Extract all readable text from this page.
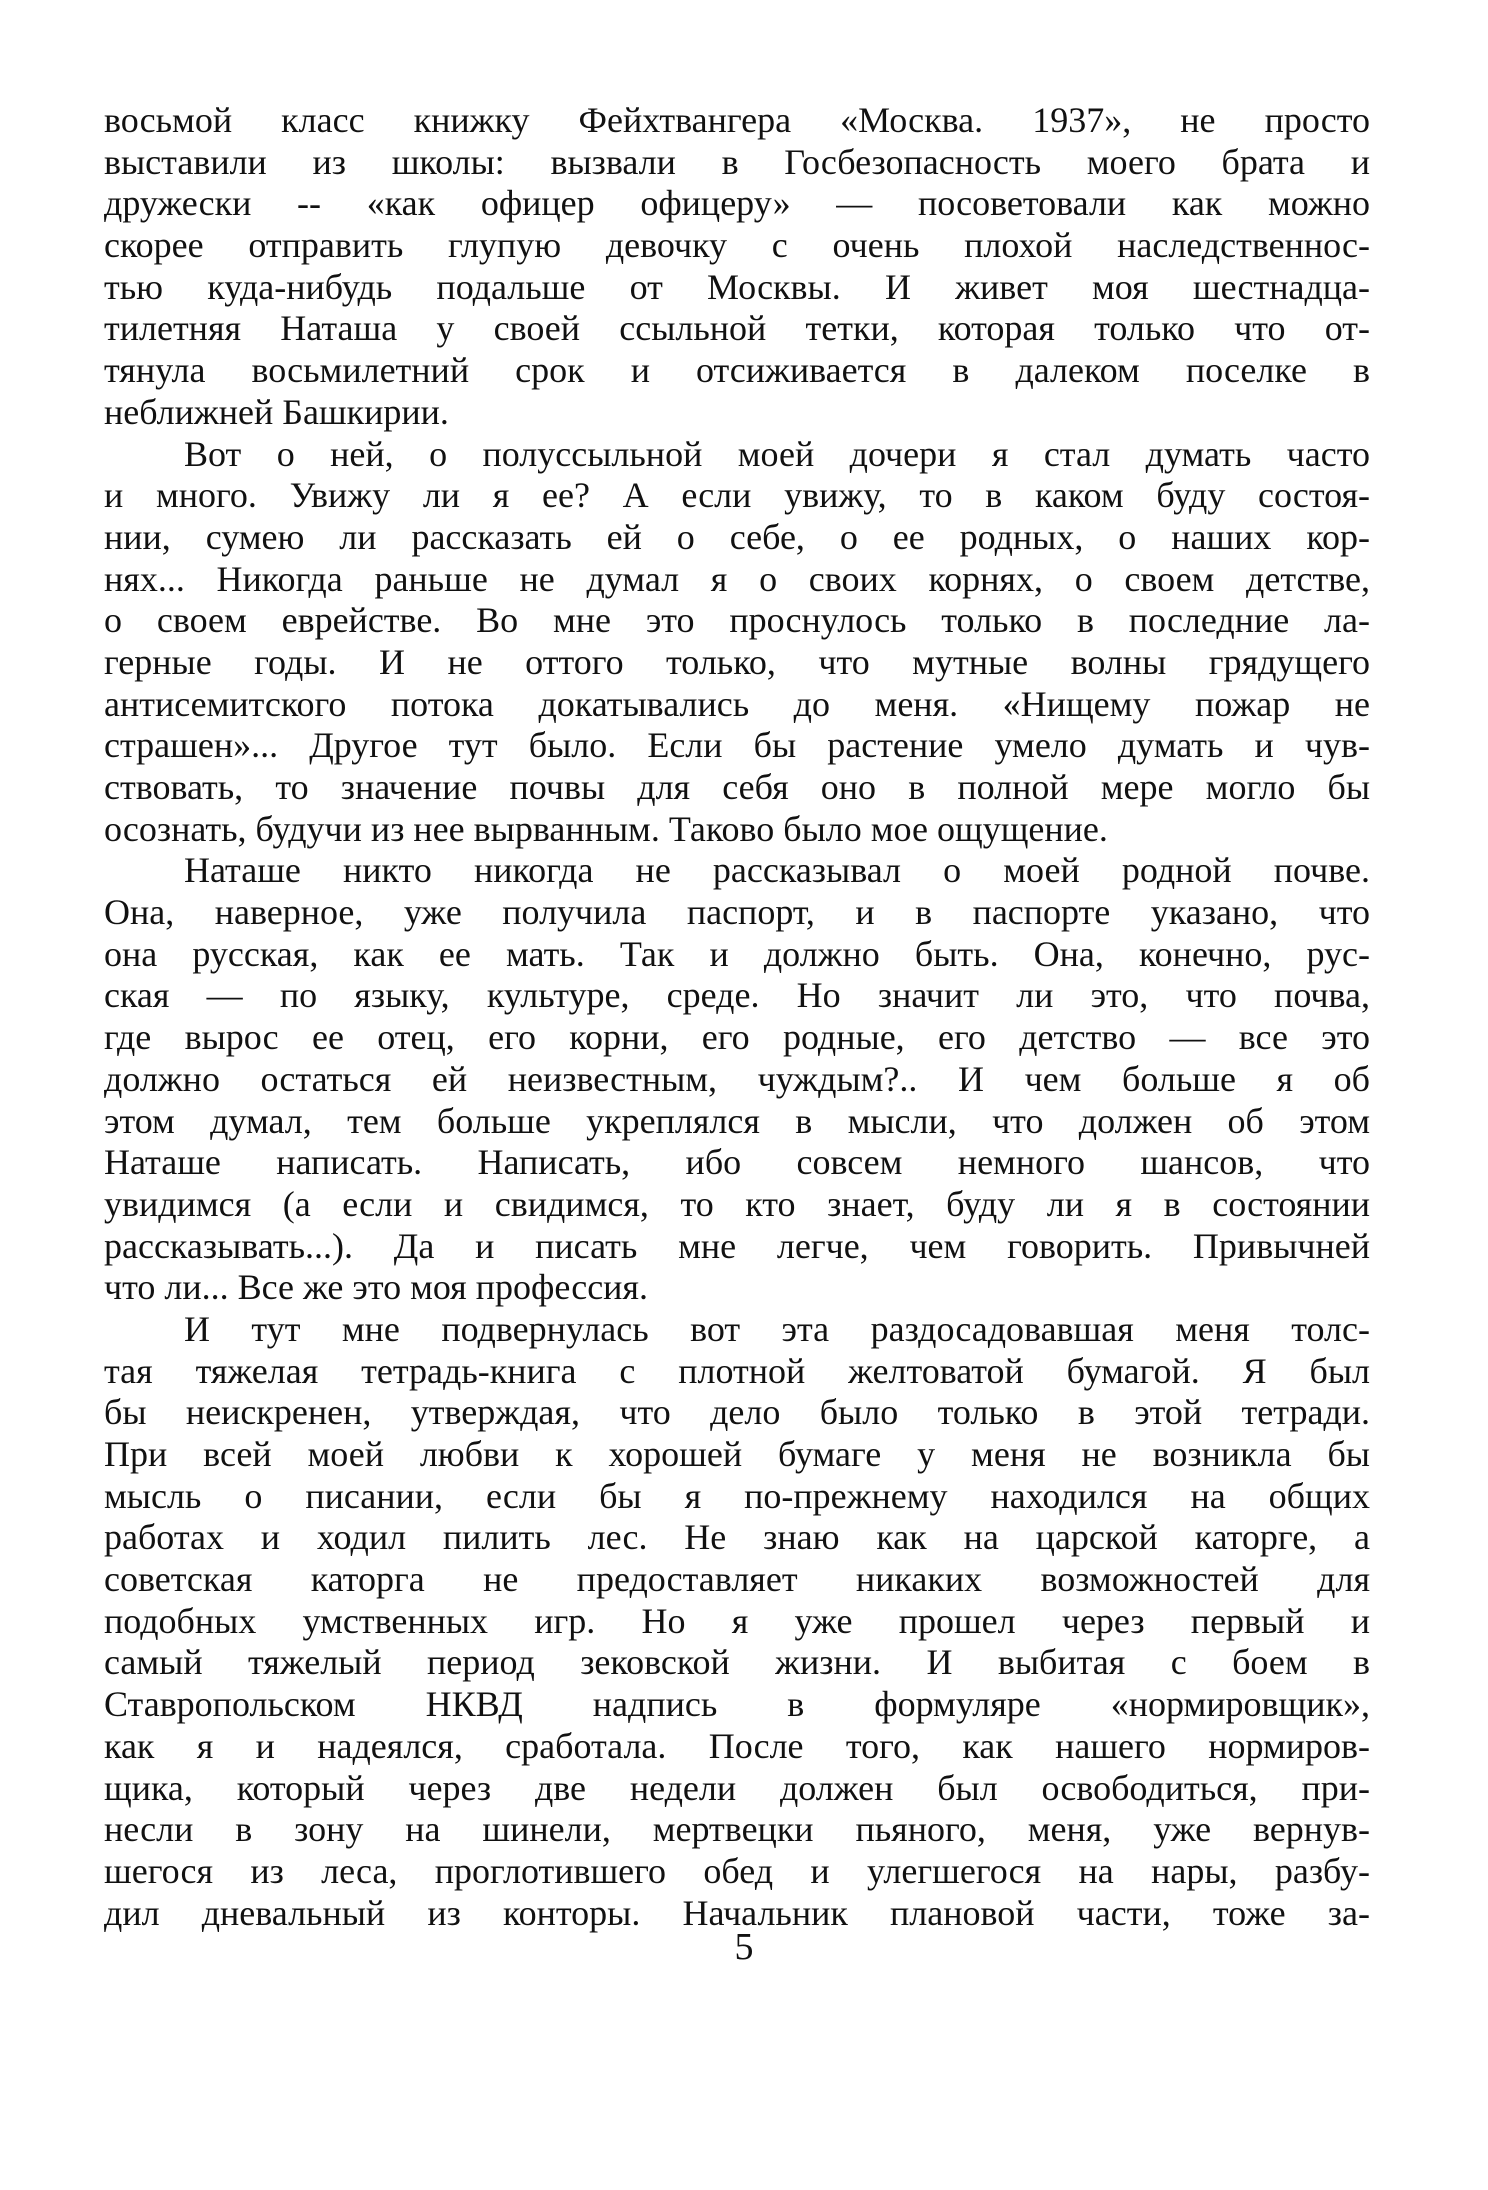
восьмой класс книжку Фейхтвангера «Москва. 1937», не просто
выставили из школы: вызвали в Госбезопасность моего брата и
дружески -- «как офицер офицеру» — посоветовали как можно
скорее отправить глупую девочку с очень плохой наследственнос-
тью куда-нибудь подальше от Москвы. И живет моя шестнадца-
тилетняя Наташа у своей ссыльной тетки, которая только что от-
тянула восьмилетний срок и отсиживается в далеком поселке в
неближней Башкирии.
Вот о ней, о полуссыльной моей дочери я стал думать часто
и много. Увижу ли я ее? А если увижу, то в каком буду состоя-
нии, сумею ли рассказать ей о себе, о ее родных, о наших кор-
нях... Никогда раньше не думал я о своих корнях, о своем детстве,
о своем еврействе. Во мне это проснулось только в последние ла-
герные годы. И не оттого только, что мутные волны грядущего
антисемитского потока докатывались до меня. «Нищему пожар не
страшен»... Другое тут было. Если бы растение умело думать и чув-
ствовать, то значение почвы для себя оно в полной мере могло бы
осознать, будучи из нее вырванным. Таково было мое ощущение.
Наташе никто никогда не рассказывал о моей родной почве.
Она, наверное, уже получила паспорт, и в паспорте указано, что
она русская, как ее мать. Так и должно быть. Она, конечно, рус-
ская — по языку, культуре, среде. Но значит ли это, что почва,
где вырос ее отец, его корни, его родные, его детство — все это
должно остаться ей неизвестным, чуждым?.. И чем больше я об
этом думал, тем больше укреплялся в мысли, что должен об этом
Наташе написать. Написать, ибо совсем немного шансов, что
увидимся (а если и свидимся, то кто знает, буду ли я в состоянии
рассказывать...). Да и писать мне легче, чем говорить. Привычней
что ли... Все же это моя профессия.
И тут мне подвернулась вот эта раздосадовавшая меня толс-
тая тяжелая тетрадь-книга с плотной желтоватой бумагой. Я был
бы неискренен, утверждая, что дело было только в этой тетради.
При всей моей любви к хорошей бумаге у меня не возникла бы
мысль о писании, если бы я по-прежнему находился на общих
работах и ходил пилить лес. Не знаю как на царской каторге, а
советская каторга не предоставляет никаких возможностей для
подобных умственных игр. Но я уже прошел через первый и
самый тяжелый период зековской жизни. И выбитая с боем в
Ставропольском НКВД надпись в формуляре «нормировщик»,
как я и надеялся, сработала. После того, как нашего нормиров-
щика, который через две недели должен был освободиться, при-
несли в зону на шинели, мертвецки пьяного, меня, уже вернув-
шегося из леса, проглотившего обед и улегшегося на нары, разбу-
дил дневальный из конторы. Начальник плановой части, тоже за-
5
